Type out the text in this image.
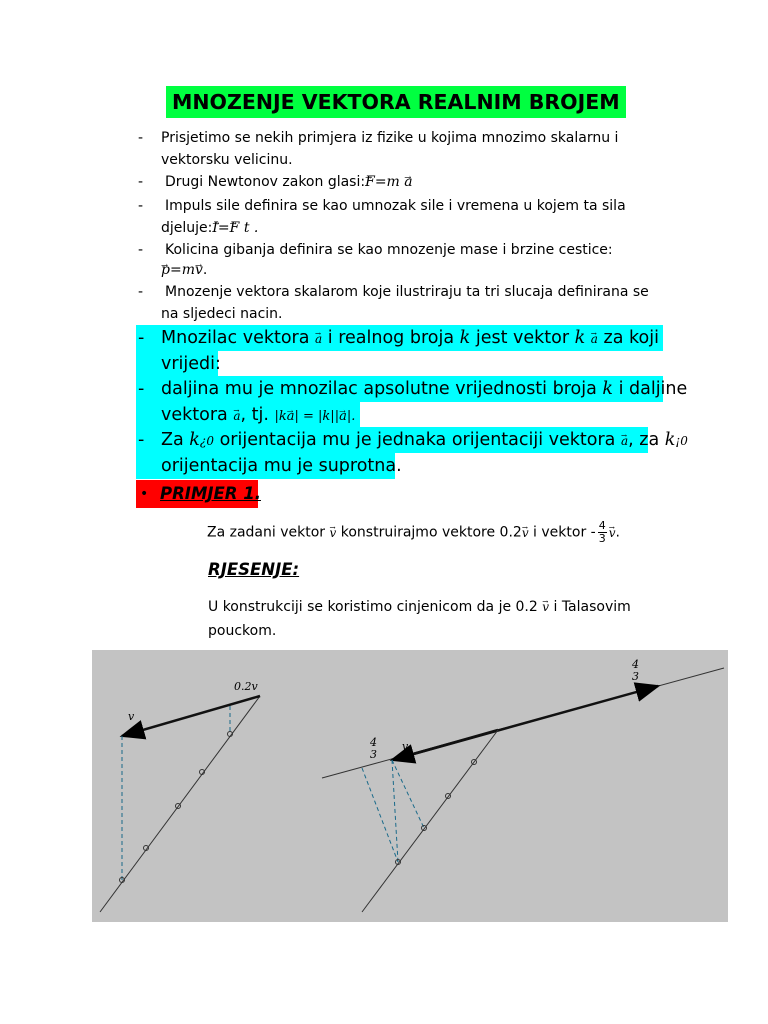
MNOZENJE VEKTORA REALNIM BROJEM
- Prisjetimo se nekih primjera iz fizike u kojima mnozimo skalarnu i
vektorsku velicinu.
- Drugi Newtonov zakon glasi:→ F=m → a
- Impuls sile definira se kao umnozak sile i vremena u kojem ta sila
djeluje:→ I=→ F t .
- Kolicina gibanja definira se kao mnozenje mase i brzine cestice:
→ p=m→ v.
- Mnozenje vektora skalarom koje ilustriraju ta tri slucaja definirana se
na sljedeci nacin.
- Mnozilac vektora → a i realnog broja k jest vektor k → a za koji
vrijedi:
- daljina mu je mnozilac apsolutne vrijednosti broja k i daljine
vektora → a, tj. |k→ a| = |k||→ a|.
- Za k¿0 orijentacija mu je jednaka orijentaciji vektora → a, za k¡0
orijentacija mu je suprotna.
• PRIMJER 1.
Za zadani vektor → v konstruirajmo vektore 0.2→ v i vektor - $\frac{4}{3}$
→ v.
RJESENJE:
U konstrukciji se koristimo cinjenicom da je 0.2 → v i Talasovim
pouckom.
v
0.2v
4
3
v
4
3
